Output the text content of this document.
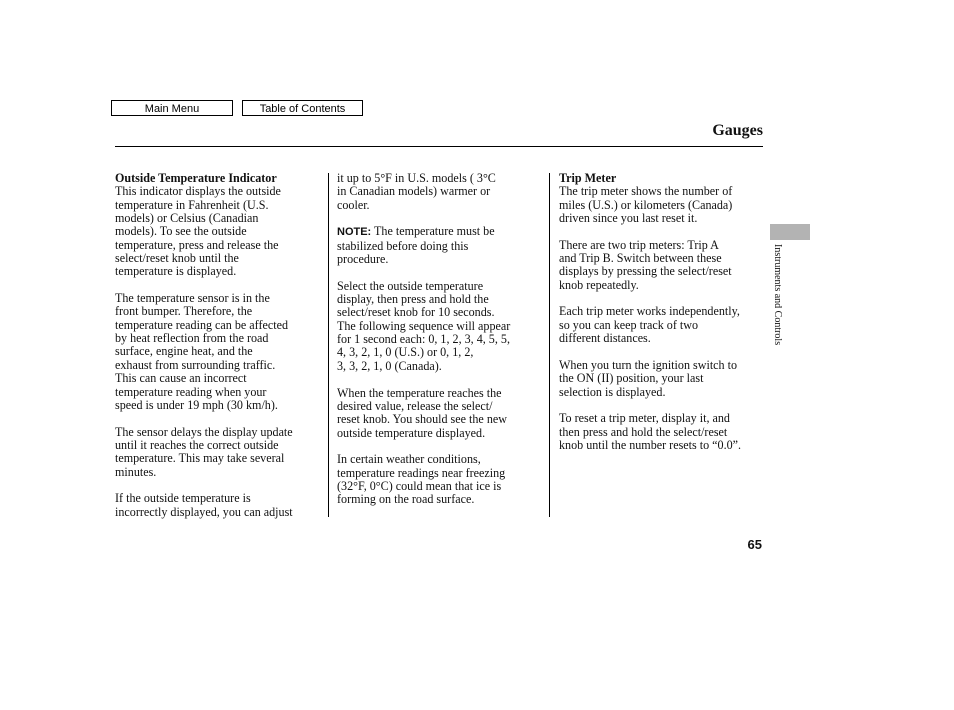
Main Menu	Table of Contents
Gauges

Outside Temperature Indicator
This indicator displays the outside
temperature in Fahrenheit (U.S.
models) or Celsius (Canadian
models). To see the outside
temperature, press and release the
select/reset knob until the
temperature is displayed.

The temperature sensor is in the
front bumper. Therefore, the
temperature reading can be affected
by heat reflection from the road
surface, engine heat, and the
exhaust from surrounding traffic.
This can cause an incorrect
temperature reading when your
speed is under 19 mph (30 km/h).

The sensor delays the display update
until it reaches the correct outside
temperature. This may take several
minutes.

If the outside temperature is
incorrectly displayed, you can adjust

it up to 5°F in U.S. models ( 3°C
in Canadian models) warmer or
cooler.

NOTE: The temperature must be
stabilized before doing this
procedure.

Select the outside temperature
display, then press and hold the
select/reset knob for 10 seconds.
The following sequence will appear
for 1 second each: 0, 1, 2, 3, 4, 5, 5,
4, 3, 2, 1, 0 (U.S.) or 0, 1, 2,
3, 3, 2, 1, 0 (Canada).

When the temperature reaches the
desired value, release the select/
reset knob. You should see the new
outside temperature displayed.

In certain weather conditions,
temperature readings near freezing
(32°F, 0°C) could mean that ice is
forming on the road surface.

Trip Meter
The trip meter shows the number of
miles (U.S.) or kilometers (Canada)
driven since you last reset it.

There are two trip meters: Trip A
and Trip B. Switch between these
displays by pressing the select/reset
knob repeatedly.

Each trip meter works independently,
so you can keep track of two
different distances.

When you turn the ignition switch to
the ON (II) position, your last
selection is displayed.

To reset a trip meter, display it, and
then press and hold the select/reset
knob until the number resets to “0.0”.

Instruments and Controls
65
